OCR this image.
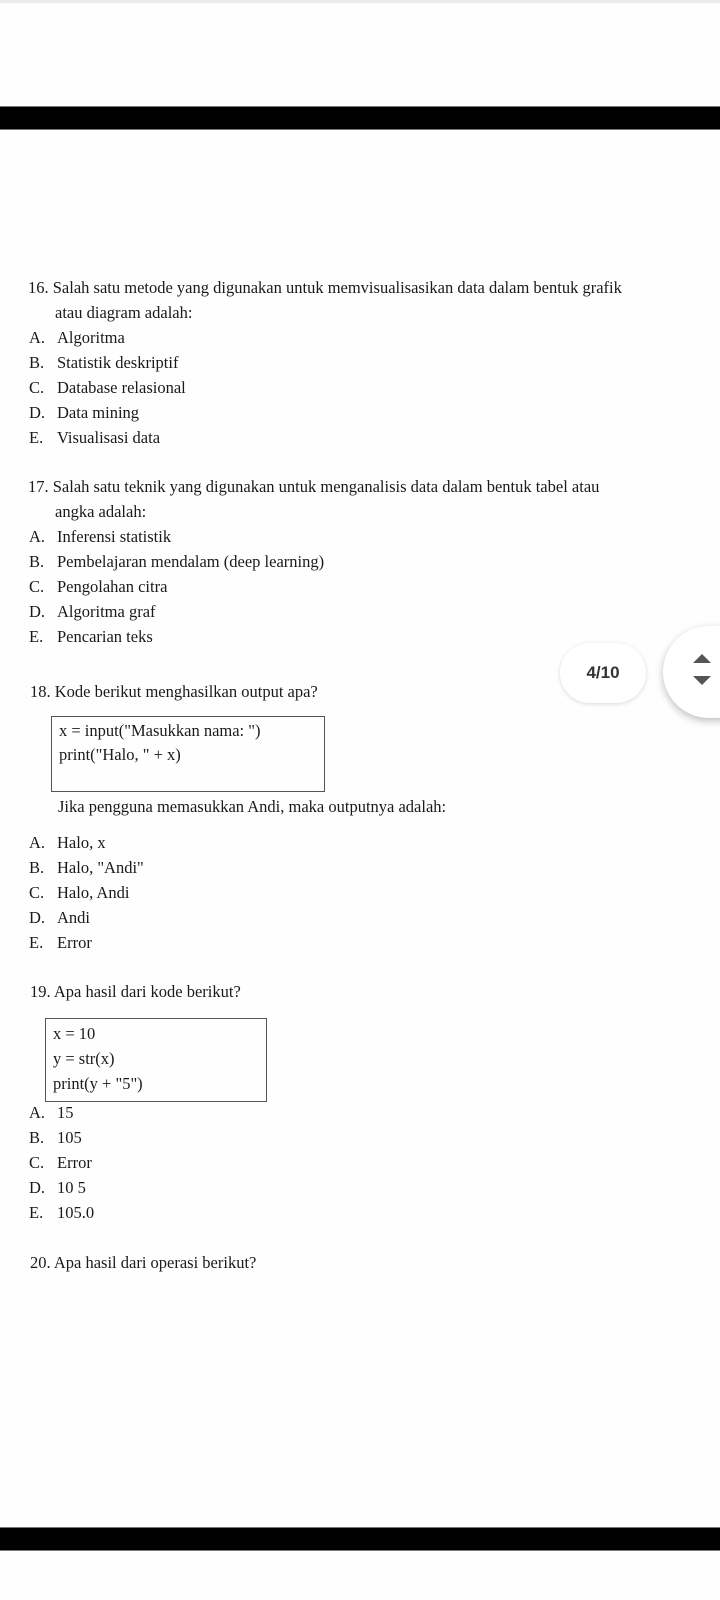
16. Salah satu metode yang digunakan untuk memvisualisasikan data dalam bentuk grafik
atau diagram adalah:
A. Algoritma
B. Statistik deskriptif
C. Database relasional
D. Data mining
E. Visualisasi data
17. Salah satu teknik yang digunakan untuk menganalisis data dalam bentuk tabel atau
angka adalah:
A. Inferensi statistik
B. Pembelajaran mendalam (deep learning)
C. Pengolahan citra
D. Algoritma graf
E. Pencarian teks
18. Kode berikut menghasilkan output apa?
x = input("Masukkan nama: ")
print("Halo, " + x)
Jika pengguna memasukkan Andi, maka outputnya adalah:
A. Halo, x
B. Halo, "Andi"
C. Halo, Andi
D. Andi
E. Error
19. Apa hasil dari kode berikut?
x = 10
y = str(x)
print(y + "5")
A. 15
B. 105
C. Error
D. 10 5
E. 105.0
20. Apa hasil dari operasi berikut?
4/10
